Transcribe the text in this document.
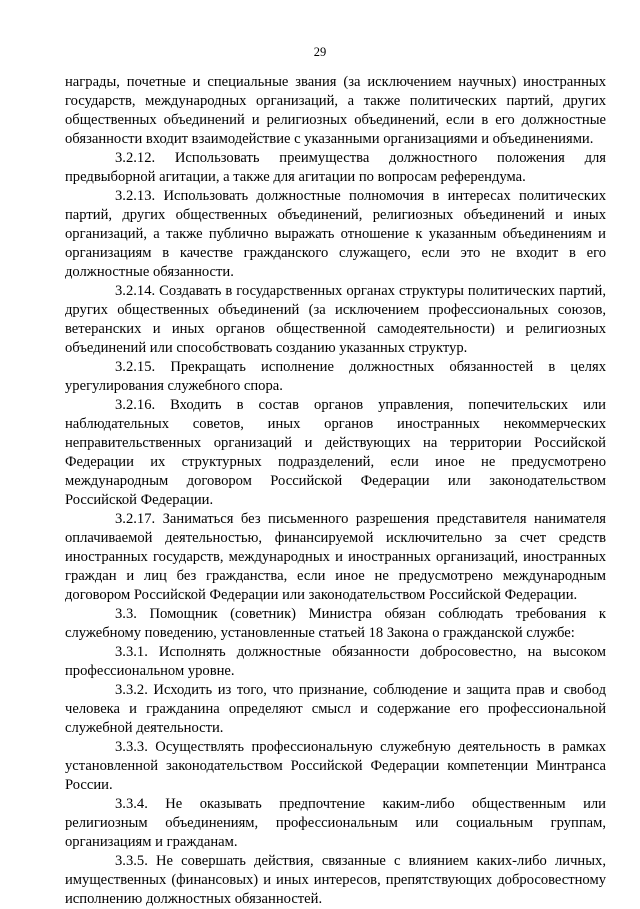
29

награды, почетные и специальные звания (за исключением научных) иностранных государств, международных организаций, а также политических партий, других общественных объединений и религиозных объединений, если в его должностные обязанности входит взаимодействие с указанными организациями и объединениями.

3.2.12. Использовать преимущества должностного положения для предвыборной агитации, а также для агитации по вопросам референдума.

3.2.13. Использовать должностные полномочия в интересах политических партий, других общественных объединений, религиозных объединений и иных организаций, а также публично выражать отношение к указанным объединениям и организациям в качестве гражданского служащего, если это не входит в его должностные обязанности.

3.2.14. Создавать в государственных органах структуры политических партий, других общественных объединений (за исключением профессиональных союзов, ветеранских и иных органов общественной самодеятельности) и религиозных объединений или способствовать созданию указанных структур.

3.2.15. Прекращать исполнение должностных обязанностей в целях урегулирования служебного спора.

3.2.16. Входить в состав органов управления, попечительских или наблюдательных советов, иных органов иностранных некоммерческих неправительственных организаций и действующих на территории Российской Федерации их структурных подразделений, если иное не предусмотрено международным договором Российской Федерации или законодательством Российской Федерации.

3.2.17. Заниматься без письменного разрешения представителя нанимателя оплачиваемой деятельностью, финансируемой исключительно за счет средств иностранных государств, международных и иностранных организаций, иностранных граждан и лиц без гражданства, если иное не предусмотрено международным договором Российской Федерации или законодательством Российской Федерации.

3.3. Помощник (советник) Министра обязан соблюдать требования к служебному поведению, установленные статьей 18 Закона о гражданской службе:

3.3.1. Исполнять должностные обязанности добросовестно, на высоком профессиональном уровне.

3.3.2. Исходить из того, что признание, соблюдение и защита прав и свобод человека и гражданина определяют смысл и содержание его профессиональной служебной деятельности.

3.3.3. Осуществлять профессиональную служебную деятельность в рамках установленной законодательством Российской Федерации компетенции Минтранса России.

3.3.4. Не оказывать предпочтение каким-либо общественным или религиозным объединениям, профессиональным или социальным группам, организациям и гражданам.

3.3.5. Не совершать действия, связанные с влиянием каких-либо личных, имущественных (финансовых) и иных интересов, препятствующих добросовестному исполнению должностных обязанностей.
